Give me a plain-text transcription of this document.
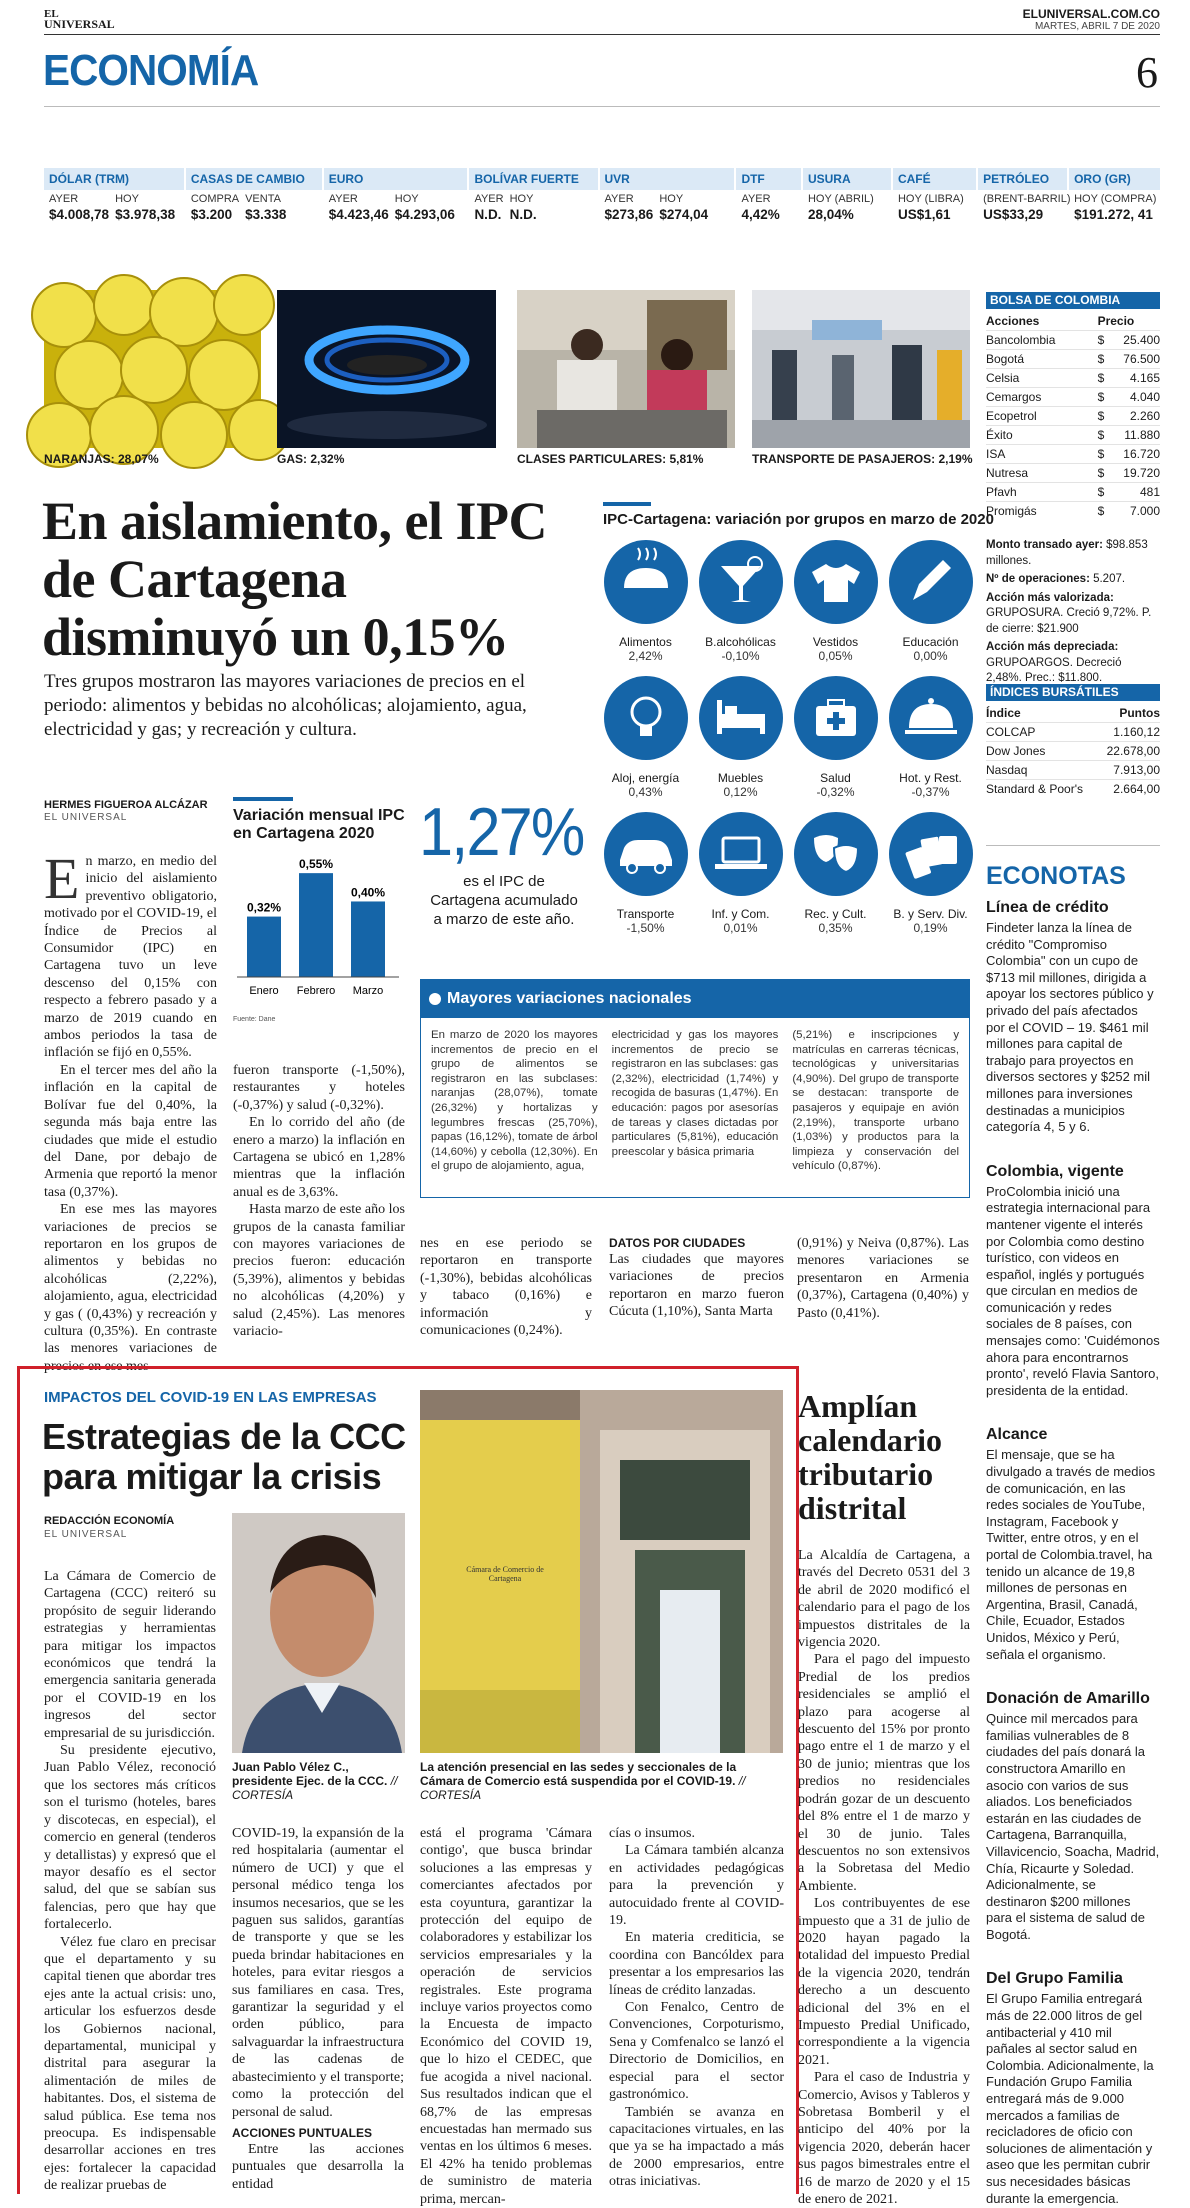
EL
UNIVERSAL
ELUNIVERSAL.COM.CO
MARTES, ABRIL 7 DE 2020
ECONOMÍA	6
DÓLAR (TRM)
AYER
$4.008,78
HOY
$3.978,38
CASAS DE CAMBIO
COMPRA
$3.200
VENTA
$3.338
EURO
AYER
$4.423,46
HOY
$4.293,06
BOLÍVAR FUERTE
AYER
N.D.
HOY
N.D.
UVR
AYER
$273,86
HOY
$274,04
DTF
AYER
4,42%
USURA
HOY (ABRIL)
28,04%
CAFÉ
HOY (LIBRA)
US$1,61
PETRÓLEO
(BRENT-BARRIL)
US$33,29
ORO (GR)
HOY (COMPRA)
$191.272, 41
NARANJAS: 28,07%	GAS: 2,32%	CLASES PARTICULARES: 5,81%	TRANSPORTE DE PASAJEROS: 2,19%
En aislamiento, el IPC de Cartagena disminuyó un 0,15%
Tres grupos mostraron las mayores variaciones de precios en el periodo: alimentos y bebidas no alcohólicas; alojamiento, agua, electricidad y gas; y recreación y cultura.
HERMES FIGUEROA ALCÁZAR
EL UNIVERSAL
E n marzo, en medio del inicio del aislamiento preventivo obligatorio, motivado por el COVID-19, el Índice de Precios al Consumidor (IPC) en Cartagena tuvo un leve descenso del 0,15% con respecto a febrero pasado y a marzo de 2019 cuando en ambos periodos la tasa de inflación se fijó en 0,55%.

En el tercer mes del año la inflación en la capital de Bolívar fue del 0,40%, la segunda más baja entre las ciudades que mide el estudio del Dane, por debajo de Armenia que reportó la menor tasa (0,37%).

En ese mes las mayores variaciones de precios se reportaron en los grupos de alimentos y bebidas no alcohólicas (2,22%), alojamiento, agua, electricidad y gas ( (0,43%) y recreación y cultura (0,35%). En contraste las menores variaciones de precios en ese mes

Variación mensual IPC en Cartagena 2020
0,32%
Enero
0,55%
Febrero
0,40%
Marzo
Fuente: Dane
1,27%
es el IPC de Cartagena acumulado a marzo de este año.

fueron transporte (-1,50%), restaurantes y hoteles (-0,37%) y salud (-0,32%).

En lo corrido del año (de enero a marzo) la inflación en Cartagena se ubicó en 1,28% mientras que la inflación anual es de 3,63%.

Hasta marzo de este año los grupos de la canasta familiar con mayores variaciones de precios fueron: educación (5,39%), alimentos y bebidas no alcohólicas (4,20%) y salud (2,45%). Las menores variacio-

IPC-Cartagena: variación por grupos en marzo de 2020
Alimentos
2,42%
B.alcohólicas
-0,10%
Vestidos
0,05%
Educación
0,00%
Aloj, energía
0,43%
Muebles
0,12%
Salud
-0,32%
Hot. y Rest.
-0,37%
Transporte
-1,50%
Inf. y Com.
0,01%
Rec. y Cult.
0,35%
B. y Serv. Div.
0,19%
Mayores variaciones nacionales
En marzo de 2020 los mayores incrementos de precio en el grupo de alimentos se registraron en las subclases: naranjas (28,07%), tomate (26,32%) y hortalizas y legumbres frescas (25,70%), papas (16,12%), tomate de árbol (14,60%) y cebolla (12,30%). En el grupo de alojamiento, agua,
electricidad y gas los mayores incrementos de precio se registraron en las subclases: gas (2,32%), electricidad (1,74%) y recogida de basuras (1,47%). En educación: pagos por asesorías de tareas y clases dictadas por particulares (5,81%), educación preescolar y básica primaria
(5,21%) e inscripciones y matrículas en carreras técnicas, tecnológicas y universitarias (4,90%). Del grupo de transporte se destacan: transporte de pasajeros y equipaje en avión (2,19%), transporte urbano (1,03%) y productos para la limpieza y conservación del vehículo (0,87%).

nes en ese periodo se reportaron en transporte (-1,30%), bebidas alcohólicas y tabaco (0,16%) e información y comunicaciones (0,24%).

DATOS POR CIUDADES

Las ciudades que mayores variaciones de precios reportaron en marzo fueron Cúcuta (1,10%), Santa Marta

(0,91%) y Neiva (0,87%). Las menores variaciones se presentaron en Armenia (0,37%), Cartagena (0,40%) y Pasto (0,41%).

BOLSA DE COLOMBIA
Acciones	Precio	
Bancolombia	$	25.400
Bogotá	$	76.500
Celsia	$	4.165
Cemargos	$	4.040
Ecopetrol	$	2.260
Éxito	$	11.880
ISA	$	16.720
Nutresa	$	19.720
Pfavh	$	481
Promigás	$	7.000
Monto transado ayer: $98.853 millones.
Nº de operaciones: 5.207.
Acción más valorizada: GRUPOSURA. Creció 9,72%. P. de cierre: $21.900
Acción más depreciada: GRUPOARGOS. Decreció 2,48%. Prec.: $11.800.
ÍNDICES BURSÁTILES
Índice	Puntos
COLCAP	1.160,12
Dow Jones	22.678,00
Nasdaq	7.913,00
Standard & Poor's	2.664,00
ECONOTAS
Línea de crédito
Findeter lanza la línea de crédito "Compromiso Colombia" con un cupo de $713 mil millones, dirigida a apoyar los sectores público y privado del país afectados por el COVID – 19. $461 mil millones para capital de trabajo para proyectos en diversos sectores y $252 mil millones para inversiones destinadas a municipios categoría 4, 5 y 6.
Colombia, vigente
ProColombia inició una estrategia internacional para mantener vigente el interés por Colombia como destino turístico, con videos en español, inglés y portugués que circulan en medios de comunicación y redes sociales de 8 países, con mensajes como: 'Cuidémonos ahora para encontrarnos pronto', reveló Flavia Santoro, presidenta de la entidad.
Alcance
El mensaje, que se ha divulgado a través de medios de comunicación, en las redes sociales de YouTube, Instagram, Facebook y Twitter, entre otros, y en el portal de Colombia.travel, ha tenido un alcance de 19,8 millones de personas en Argentina, Brasil, Canadá, Chile, Ecuador, Estados Unidos, México y Perú, señala el organismo.
Donación de Amarillo
Quince mil mercados para familias vulnerables de 8 ciudades del país donará la constructora Amarillo en asocio con varios de sus aliados. Los beneficiados estarán en las ciudades de Cartagena, Barranquilla, Villavicencio, Soacha, Madrid, Chía, Ricaurte y Soledad. Adicionalmente, se destinaron $200 millones para el sistema de salud de Bogotá.
Del Grupo Familia
El Grupo Familia entregará más de 22.000 litros de gel antibacterial y 410 mil pañales al sector salud en Colombia. Adicionalmente, la Fundación Grupo Familia entregará más de 9.000 mercados a familias de recicladores de oficio con soluciones de alimentación y aseo que les permitan cubrir sus necesidades básicas durante la emergencia.
IMPACTOS DEL COVID-19 EN LAS EMPRESAS
Estrategias de la CCC para mitigar la crisis
REDACCIÓN ECONOMÍA
EL UNIVERSAL

La Cámara de Comercio de Cartagena (CCC) reiteró su propósito de seguir liderando estrategias y herramientas para mitigar los impactos económicos que tendrá la emergencia sanitaria generada por el COVID-19 en los ingresos del sector empresarial de su jurisdicción.

Su presidente ejecutivo, Juan Pablo Vélez, reconoció que los sectores más críticos son el turismo (hoteles, bares y discotecas, en especial), el comercio en general (tenderos y detallistas) y expresó que el mayor desafío es el sector salud, del que se sabían sus falencias, pero que hay que fortalecerlo.

Vélez fue claro en precisar que el departamento y su capital tienen que abordar tres ejes ante la actual crisis: uno, articular los esfuerzos desde los Gobiernos nacional, departamental, municipal y distrital para asegurar la alimentación de miles de habitantes. Dos, el sistema de salud pública. Ese tema nos preocupa. Es indispensable desarrollar acciones en tres ejes: fortalecer la capacidad de realizar pruebas de

Juan Pablo Vélez C., presidente Ejec. de la CCC. // CORTESÍA
Cámara de Comercio de Cartagena
La atención presencial en las sedes y seccionales de la Cámara de Comercio está suspendida por el COVID-19. // CORTESÍA

COVID-19, la expansión de la red hospitalaria (aumentar el número de UCI) y que el personal médico tenga los insumos necesarios, que se les paguen sus salidos, garantías de transporte y que se les pueda brindar habitaciones en hoteles, para evitar riesgos a sus familiares en casa. Tres, garantizar la seguridad y el orden público, para salvaguardar la infraestructura de las cadenas de abastecimiento y el transporte; como la protección del personal de salud.

ACCIONES PUNTUALES

Entre las acciones puntuales que desarrolla la entidad

está el programa 'Cámara contigo', que busca brindar soluciones a las empresas y comerciantes afectados por esta coyuntura, garantizar la protección del equipo de colaboradores y estabilizar los servicios empresariales y la operación de servicios registrales. Este programa incluye varios proyectos como la Encuesta de impacto Económico del COVID 19, que lo hizo el CEDEC, que fue acogida a nivel nacional. Sus resultados indican que el 68,7% de las empresas encuestadas han mermado sus ventas en los últimos 6 meses. El 42% ha tenido problemas de suministro de materia prima, mercan-

cías o insumos.

La Cámara también alcanza en actividades pedagógicas para la prevención y autocuidado frente al COVID-19.

En materia crediticia, se coordina con Bancóldex para presentar a los empresarios las líneas de crédito lanzadas.

Con Fenalco, Centro de Convenciones, Corpoturismo, Sena y Comfenalco se lanzó el Directorio de Domicilios, en especial para el sector gastronómico.

También se avanza en capacitaciones virtuales, en las que ya se ha impactado a más de 2000 empresarios, entre otras iniciativas.

Amplían calendario tributario distrital

La Alcaldía de Cartagena, a través del Decreto 0531 del 3 de abril de 2020 modificó el calendario para el pago de los impuestos distritales de la vigencia 2020.

Para el pago del impuesto Predial de los predios residenciales se amplió el plazo para acogerse al descuento del 15% por pronto pago entre el 1 de marzo y el 30 de junio; mientras que los predios no residenciales podrán gozar de un descuento del 8% entre el 1 de marzo y el 30 de junio. Tales descuentos no son extensivos a la Sobretasa del Medio Ambiente.

Los contribuyentes de ese impuesto que a 31 de julio de 2020 hayan pagado la totalidad del impuesto Predial de la vigencia 2020, tendrán derecho a un descuento adicional del 3% en el Impuesto Predial Unificado, correspondiente a la vigencia 2021.

Para el caso de Industria y Comercio, Avisos y Tableros y Sobretasa Bomberil y el anticipo del 40% por la vigencia 2020, deberán hacer sus pagos bimestrales entre el 16 de marzo de 2020 y el 15 de enero de 2021.
